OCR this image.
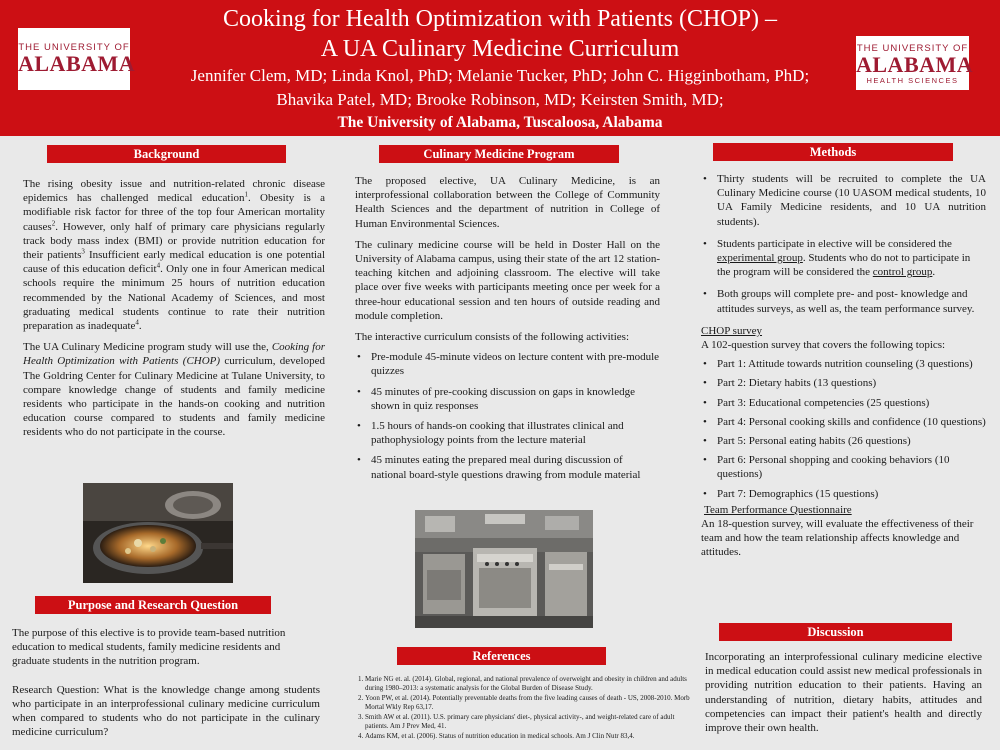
Cooking for Health Optimization with Patients (CHOP) –
A UA Culinary Medicine Curriculum
Jennifer Clem, MD; Linda Knol, PhD; Melanie Tucker, PhD; John C. Higginbotham, PhD;
Bhavika Patel, MD; Brooke Robinson, MD; Keirsten Smith, MD;
The University of Alabama, Tuscaloosa, Alabama
THE UNIVERSITY OF
ALABAMA
THE UNIVERSITY OF
ALABAMA
HEALTH SCIENCES
Background

The rising obesity issue and nutrition-related chronic disease epidemics has challenged medical education$^1$. Obesity is a modifiable risk factor for three of the top four American mortality causes$^2$. However, only half of primary care physicians regularly track body mass index (BMI) or provide nutrition education for their patients$^3$ Insufficient early medical education is one potential cause of this education deficit$^4$. Only one in four American medical schools require the minimum 25 hours of nutrition education recommended by the National Academy of Sciences, and most graduating medical students continue to rate their nutrition preparation as inadequate$^4$.

The UA Culinary Medicine program study will use the, Cooking for Health Optimization with Patients (CHOP) curriculum, developed The Goldring Center for Culinary Medicine at Tulane University, to compare knowledge change of students and family medicine residents who participate in the hands-on cooking and nutrition education course compared to students and family medicine residents who do not participate in the course.

Purpose and Research Question

The purpose of this elective is to provide team-based nutrition education to medical students, family medicine residents and graduate students in the nutrition program.

Research Question: What is the knowledge change among students who participate in an interprofessional culinary medicine curriculum when compared to students who do not participate in the culinary medicine curriculum?

Culinary Medicine Program

The proposed elective, UA Culinary Medicine, is an interprofessional collaboration between the College of Community Health Sciences and the department of nutrition in College of Human Environmental Sciences.

The culinary medicine course will be held in Doster Hall on the University of Alabama campus, using their state of the art 12 station-teaching kitchen and adjoining classroom. The elective will take place over five weeks with participants meeting once per week for a three-hour educational session and ten hours of outside reading and module completion.

The interactive curriculum consists of the following activities:

• Pre-module 45-minute videos on lecture content with pre-module quizzes
• 45 minutes of pre-cooking discussion on gaps in knowledge shown in quiz responses
• 1.5 hours of hands-on cooking that illustrates clinical and pathophysiology points from the lecture material
• 45 minutes eating the prepared meal during discussion of national board-style questions drawing from module material
References
1. Marie NG et. al. (2014). Global, regional, and national prevalence of overweight and obesity in children and adults during 1980–2013: a systematic analysis for the Global Burden of Disease Study.
2. Yoon PW, et al. (2014). Potentially preventable deaths from the five leading causes of death - US, 2008-2010. Morb Mortal Wkly Rep 63,17.
3. Smith AW et al. (2011). U.S. primary care physicians' diet-, physical activity-, and weight-related care of adult patients. Am J Prev Med, 41.
4. Adams KM, et al. (2006). Status of nutrition education in medical schools. Am J Clin Nutr 83,4.
Methods
• Thirty students will be recruited to complete the UA Culinary Medicine course (10 UASOM medical students, 10 UA Family Medicine residents, and 10 UA nutrition students).
• Students participate in elective will be considered the experimental group. Students who do not to participate in the program will be considered the control group.
• Both groups will complete pre- and post- knowledge and attitudes surveys, as well as, the team performance survey.
CHOP survey
A 102-question survey that covers the following topics:
• Part 1: Attitude towards nutrition counseling (3 questions)
• Part 2: Dietary habits (13 questions)
• Part 3: Educational competencies (25 questions)
• Part 4: Personal cooking skills and confidence (10 questions)
• Part 5: Personal eating habits (26 questions)
• Part 6: Personal shopping and cooking behaviors (10 questions)
• Part 7: Demographics (15 questions)
Team Performance Questionnaire
An 18-question survey, will evaluate the effectiveness of their team and how the team relationship affects knowledge and attitudes.
Discussion
Incorporating an interprofessional culinary medicine elective in medical education could assist new medical professionals in providing nutrition education to their patients. Having an understanding of nutrition, dietary habits, attitudes and competencies can impact their patient's health and directly improve their own health.
